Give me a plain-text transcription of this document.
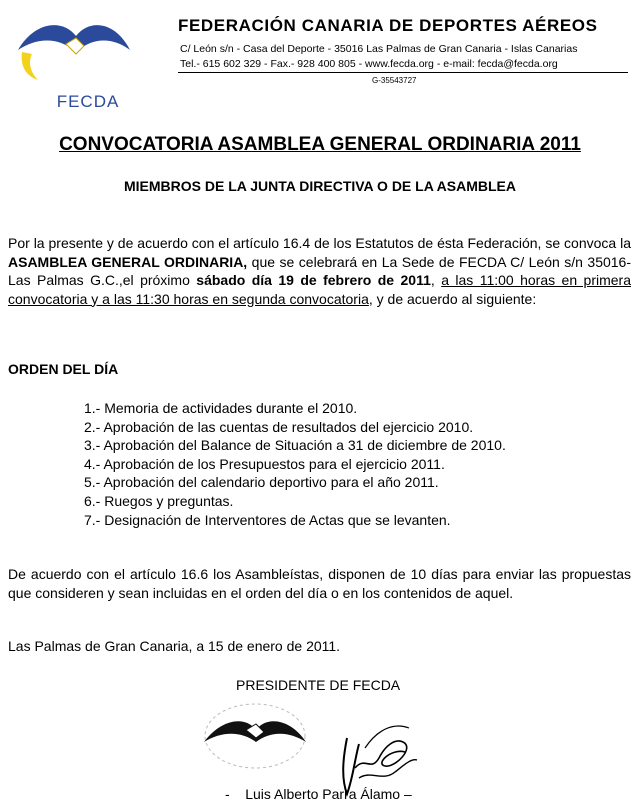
FECDA
FEDERACIÓN CANARIA DE DEPORTES AÉREOS
C/ León s/n - Casa del Deporte - 35016 Las Palmas de Gran Canaria - Islas Canarias
Tel.- 615 602 329 - Fax.- 928 400 805 - www.fecda.org - e-mail: fecda@fecda.org
G-35543727
CONVOCATORIA ASAMBLEA GENERAL ORDINARIA 2011
MIEMBROS DE LA JUNTA DIRECTIVA O DE LA ASAMBLEA
Por la presente y de acuerdo con el artículo 16.4 de los Estatutos de ésta Federación, se convoca la ASAMBLEA GENERAL ORDINARIA, que se celebrará en La Sede de FECDA C/ León s/n 35016-Las Palmas G.C.,el próximo sábado día 19 de febrero de 2011, a las 11:00 horas en primera convocatoria y a las 11:30 horas en segunda convocatoria, y de acuerdo al siguiente:
ORDEN DEL DÍA
1.- Memoria de actividades durante el 2010.
2.- Aprobación de las cuentas de resultados del ejercicio 2010.
3.- Aprobación del Balance de Situación a 31 de diciembre de 2010.
4.- Aprobación de los Presupuestos para el ejercicio 2011.
5.- Aprobación del calendario deportivo para el año 2011.
6.- Ruegos y preguntas.
7.- Designación de Interventores de Actas que se levanten.
De acuerdo con el artículo 16.6 los Asambleístas, disponen de 10 días para enviar las propuestas que consideren y sean incluidas en el orden del día o en los contenidos de aquel.
Las Palmas de Gran Canaria, a 15 de enero de 2011.
PRESIDENTE DE FECDA
-    Luis Alberto Parra Álamo –
